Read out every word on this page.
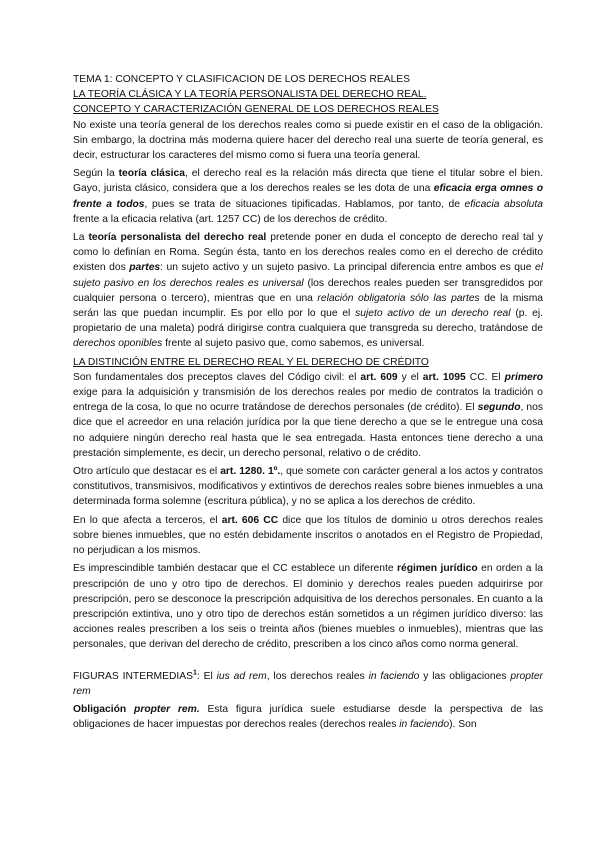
TEMA 1: CONCEPTO Y CLASIFICACION DE LOS DERECHOS REALES
LA TEORÍA CLÁSICA Y LA TEORÍA PERSONALISTA DEL DERECHO REAL.
CONCEPTO Y CARACTERIZACIÓN GENERAL DE LOS DERECHOS REALES

No existe una teoría general de los derechos reales como si puede existir en el caso de la obligación. Sin embargo, la doctrina más moderna quiere hacer del derecho real una suerte de teoría general, es decir, estructurar los caracteres del mismo como si fuera una teoría general.

Según la teoría clásica, el derecho real es la relación más directa que tiene el titular sobre el bien. Gayo, jurista clásico, considera que a los derechos reales se les dota de una eficacia erga omnes o frente a todos, pues se trata de situaciones tipificadas. Hablamos, por tanto, de eficacia absoluta frente a la eficacia relativa (art. 1257 CC) de los derechos de crédito.

La teoría personalista del derecho real pretende poner en duda el concepto de derecho real tal y como lo definían en Roma. Según ésta, tanto en los derechos reales como en el derecho de crédito existen dos partes: un sujeto activo y un sujeto pasivo. La principal diferencia entre ambos es que el sujeto pasivo en los derechos reales es universal (los derechos reales pueden ser transgredidos por cualquier persona o tercero), mientras que en una relación obligatoria sólo las partes de la misma serán las que puedan incumplir. Es por ello por lo que el sujeto activo de un derecho real (p. ej. propietario de una maleta) podrá dirigirse contra cualquiera que transgreda su derecho, tratándose de derechos oponibles frente al sujeto pasivo que, como sabemos, es universal.

LA DISTINCIÓN ENTRE EL DERECHO REAL Y EL DERECHO DE CRÉDITO

Son fundamentales dos preceptos claves del Código civil: el art. 609 y el art. 1095 CC. El primero exige para la adquisición y transmisión de los derechos reales por medio de contratos la tradición o entrega de la cosa, lo que no ocurre tratándose de derechos personales (de crédito). El segundo, nos dice que el acreedor en una relación jurídica por la que tiene derecho a que se le entregue una cosa no adquiere ningún derecho real hasta que le sea entregada. Hasta entonces tiene derecho a una prestación simplemente, es decir, un derecho personal, relativo o de crédito.

Otro artículo que destacar es el art. 1280. 1º., que somete con carácter general a los actos y contratos constitutivos, transmisivos, modificativos y extintivos de derechos reales sobre bienes inmuebles a una determinada forma solemne (escritura pública), y no se aplica a los derechos de crédito.

En lo que afecta a terceros, el art. 606 CC dice que los títulos de dominio u otros derechos reales sobre bienes inmuebles, que no estén debidamente inscritos o anotados en el Registro de Propiedad, no perjudican a los mismos.

Es imprescindible también destacar que el CC establece un diferente régimen jurídico en orden a la prescripción de uno y otro tipo de derechos. El dominio y derechos reales pueden adquirirse por prescripción, pero se desconoce la prescripción adquisitiva de los derechos personales. En cuanto a la prescripción extintiva, uno y otro tipo de derechos están sometidos a un régimen jurídico diverso: las acciones reales prescriben a los seis o treinta años (bienes muebles o inmuebles), mientras que las personales, que derivan del derecho de crédito, prescriben a los cinco años como norma general.

FIGURAS INTERMEDIAS$^1$: El ius ad rem, los derechos reales in faciendo y las obligaciones propter rem

Obligación propter rem. Esta figura jurídica suele estudiarse desde la perspectiva de las obligaciones de hacer impuestas por derechos reales (derechos reales in faciendo). Son
